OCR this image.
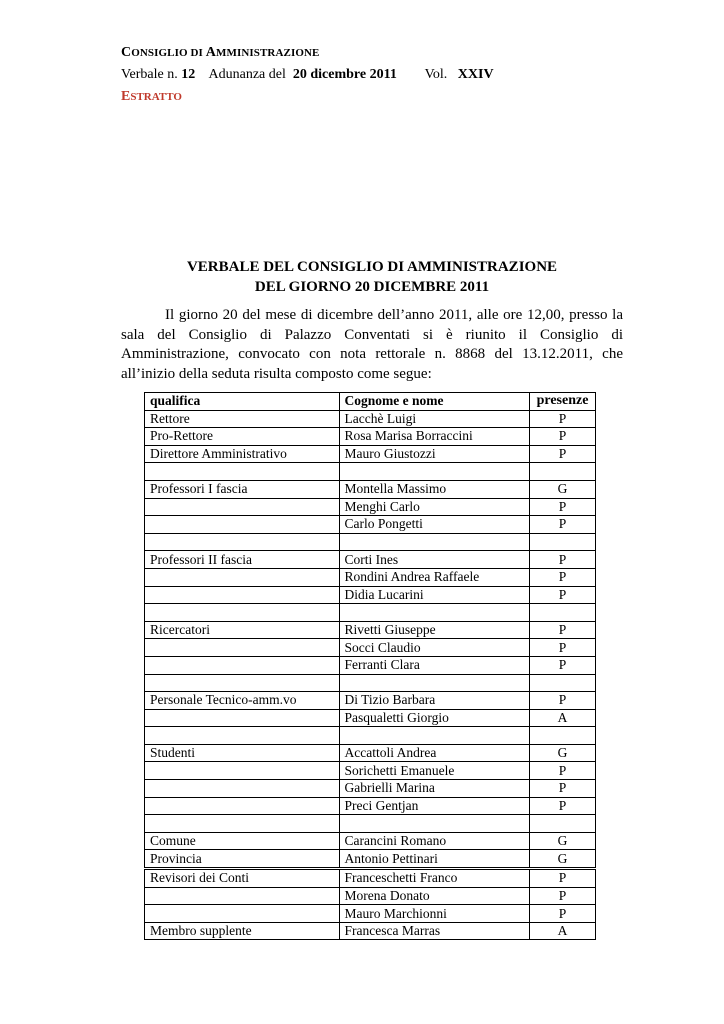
CONSIGLIO DI AMMINISTRAZIONE
Verbale n. 12 Adunanza del 20 dicembre 2011 Vol. XXIV
ESTRATTO
VERBALE DEL CONSIGLIO DI AMMINISTRAZIONE
DEL GIORNO 20 DICEMBRE 2011
Il giorno 20 del mese di dicembre dell’anno 2011, alle ore 12,00, presso la sala del Consiglio di Palazzo Conventati si è riunito il Consiglio di Amministrazione, convocato con nota rettorale n. 8868 del 13.12.2011, che all’inizio della seduta risulta composto come segue:
qualifica	Cognome e nome	presenze
Rettore	Lacchè Luigi	P
Pro-Rettore	Rosa Marisa Borraccini	P
Direttore Amministrativo	Mauro Giustozzi	P

Professori I fascia	Montella Massimo	G
	Menghi Carlo	P
	Carlo Pongetti	P

Professori II fascia	Corti Ines	P
	Rondini Andrea Raffaele	P
	Didia Lucarini	P

Ricercatori	Rivetti Giuseppe	P
	Socci Claudio	P
	Ferranti Clara	P

Personale Tecnico-amm.vo	Di Tizio Barbara	P
	Pasqualetti Giorgio	A

Studenti	Accattoli Andrea	G
	Sorichetti Emanuele	P
	Gabrielli Marina	P
	Preci Gentjan	P

Comune	Carancini Romano	G
Provincia	Antonio Pettinari	G
Revisori dei Conti	Franceschetti Franco	P
	Morena Donato	P
	Mauro Marchionni	P
Membro supplente	Francesca Marras	A
